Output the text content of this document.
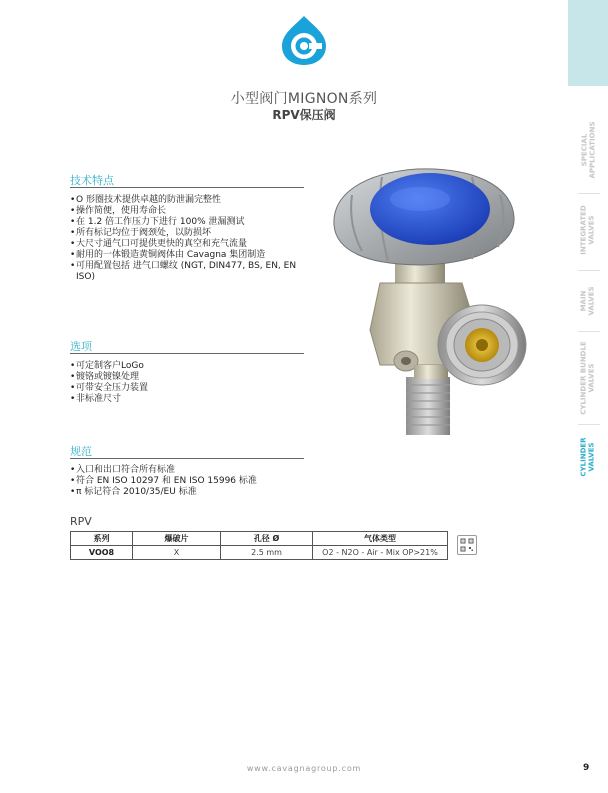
小型阀门MIGNON系列
RPV保压阀
技术特点
• O 形圈技术提供卓越的防泄漏完整性
• 操作简便，使用寿命长
• 在 1.2 倍工作压力下进行 100% 泄漏测试
• 所有标记均位于阀颈处，以防损坏
• 大尺寸通气口可提供更快的真空和充气流量
• 耐用的一体锻造黄铜阀体由 Cavagna 集团制造
• 可用配置包括 进气口螺纹 (NGT, DIN477, BS, EN, EN ISO)
选项
• 可定制客户LoGo
• 镀铬或镀镍处理
• 可带安全压力装置
• 非标准尺寸
规范
• 入口和出口符合所有标准
• 符合 EN ISO 10297 和 EN ISO 15996 标准
• π 标记符合 2010/35/EU 标准
SPECIAL
APPLICATIONS
INTEGRATED
VALVES
MAIN
VALVES
CYLINDER BUNDLE
VALVES
CYLINDER
VALVES
RPV
系列	爆破片	孔径 Ø	气体类型
VOO8	X	2.5 mm	O2 - N2O - Air - Mix OP>21%
www.cavagnagroup.com	9
